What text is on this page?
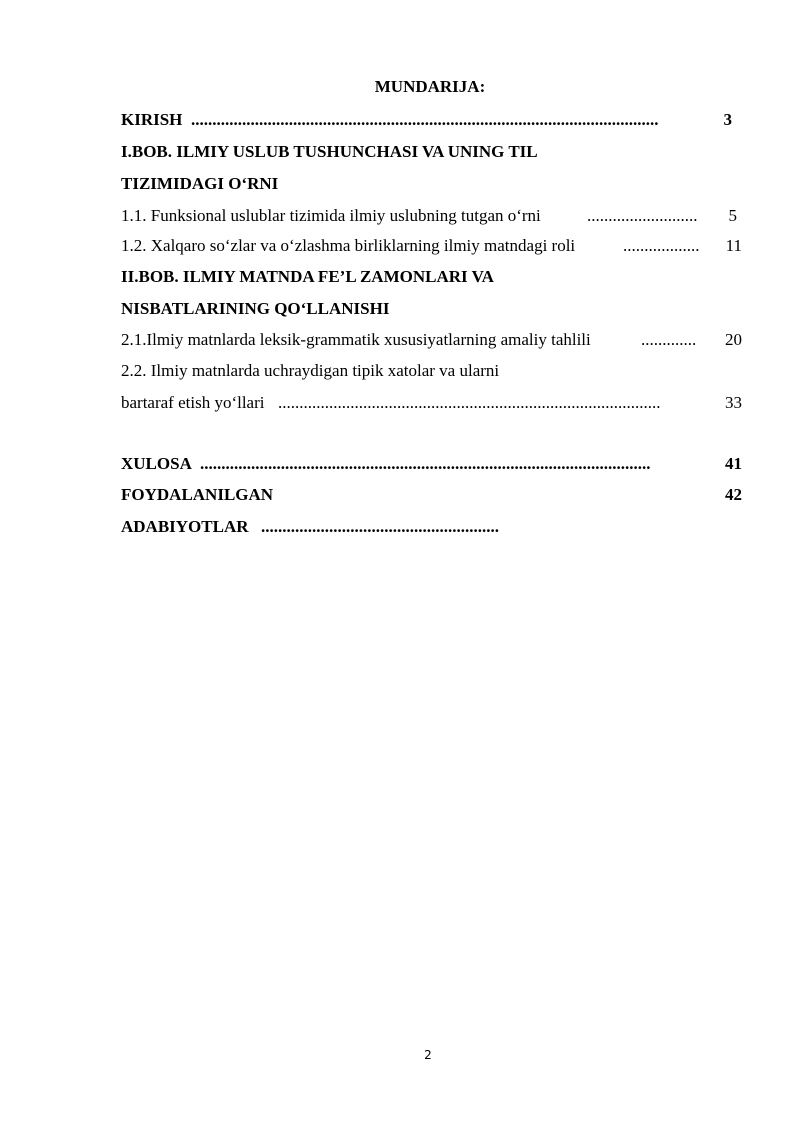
MUNDARIJA:
KIRISH ..............................................................................................................	3
I.BOB. ILMIY USLUB TUSHUNCHASI VA UNING TIL
TIZIMIDAGI O‘RNI
1.1. Funksional uslublar tizimida ilmiy uslubning tutgan o‘rni	..........................	5
1.2. Xalqaro so‘zlar va o‘zlashma birliklarning ilmiy matndagi roli	..................	11
II.BOB. ILMIY MATNDA FE’L ZAMONLARI VA
NISBATLARINING QO‘LLANISHI
2.1.Ilmiy matnlarda leksik-grammatik xususiyatlarning amaliy tahlili	.............	20
2.2. Ilmiy matnlarda uchraydigan tipik xatolar va ularni
bartaraf etish yo‘llari ..........................................................................................	33
XULOSA ..........................................................................................................	41
FOYDALANILGAN	42
ADABIYOTLAR ........................................................
2
